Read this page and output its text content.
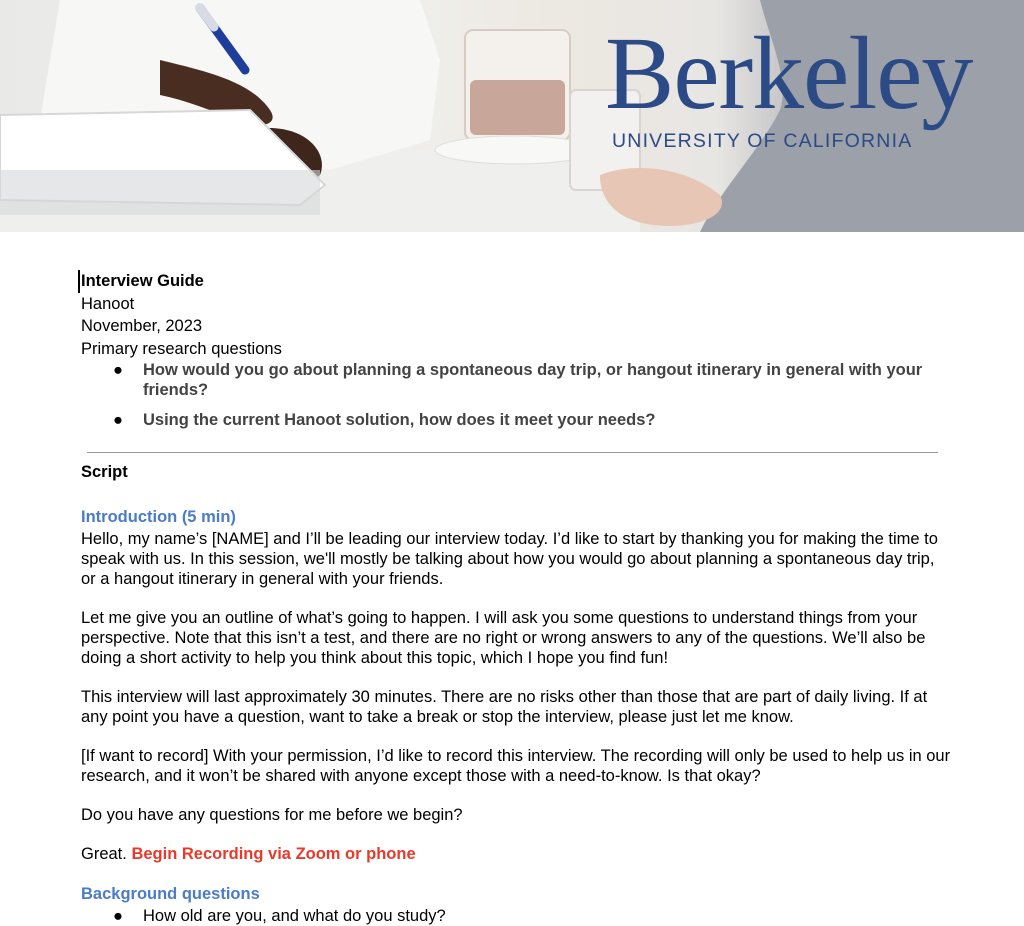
Berkeley
UNIVERSITY OF CALIFORNIA
Interview Guide
Hanoot
November, 2023
Primary research questions
● How would you go about planning a spontaneous day trip, or hangout itinerary in general with your friends?
● Using the current Hanoot solution, how does it meet your needs?
Script
Introduction (5 min)
Hello, my name’s [NAME] and I’ll be leading our interview today. I’d like to start by thanking you for making the time to speak with us. In this session, we'll mostly be talking about how you would go about planning a spontaneous day trip, or a hangout itinerary in general with your friends.
Let me give you an outline of what’s going to happen. I will ask you some questions to understand things from your perspective. Note that this isn’t a test, and there are no right or wrong answers to any of the questions. We’ll also be doing a short activity to help you think about this topic, which I hope you find fun!
This interview will last approximately 30 minutes. There are no risks other than those that are part of daily living. If at any point you have a question, want to take a break or stop the interview, please just let me know.
[If want to record] With your permission, I’d like to record this interview. The recording will only be used to help us in our research, and it won’t be shared with anyone except those with a need-to-know. Is that okay?
Do you have any questions for me before we begin?
Great. Begin Recording via Zoom or phone
Background questions
● How old are you, and what do you study?
